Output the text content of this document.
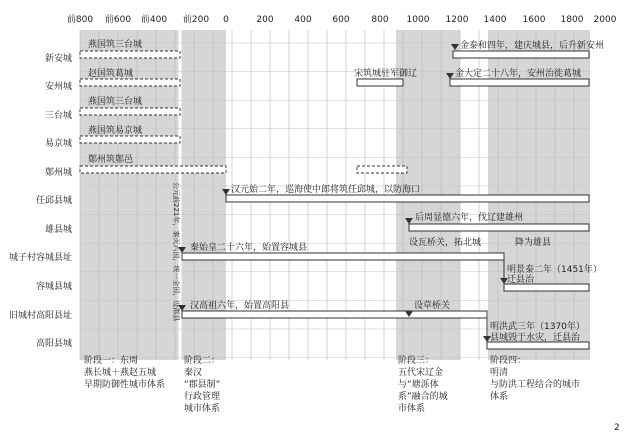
前800 前600 前400 前200 0	200 400 600 800 1000 1200 1400 1600 1800 2000
新安城
安州城
三台城
易京城
鄚州城
任邱县城
雄县城
城子村容城县址
容城县城
旧城村高阳县址
高阳县城
燕国筑三台城
赵国筑葛城
燕国筑三台城
燕国筑易京城
鄚州筑鄚邑
金泰和四年，建庆城县，后升新安州
宋筑城驻军御辽	金大定二十八年，安州治徙葛城
汉元始二年，巡海使中郎将筑任邱城，以防海口
后周显德六年，伐辽建雄州
设瓦桥关，拓北城	降为雄县
秦始皇二十六年，始置容城县
明景泰二年（1451年）
迁县治
汉高祖六年，始置高阳县	设草桥关
明洪武三年（1370年）
县城毁于水灾，迁县治
公元前221年，秦灭六国，统一全国，设郡县
阶段一：东周
燕长城＋燕赵五城
早期防御性城市体系
阶段二：
秦汉
“郡县制”
行政管理
城市体系
阶段三：
五代宋辽金
与“塘泺体
系”融合的城
市体系
阶段四：
明清
与防洪工程结合的城市
体系
2
